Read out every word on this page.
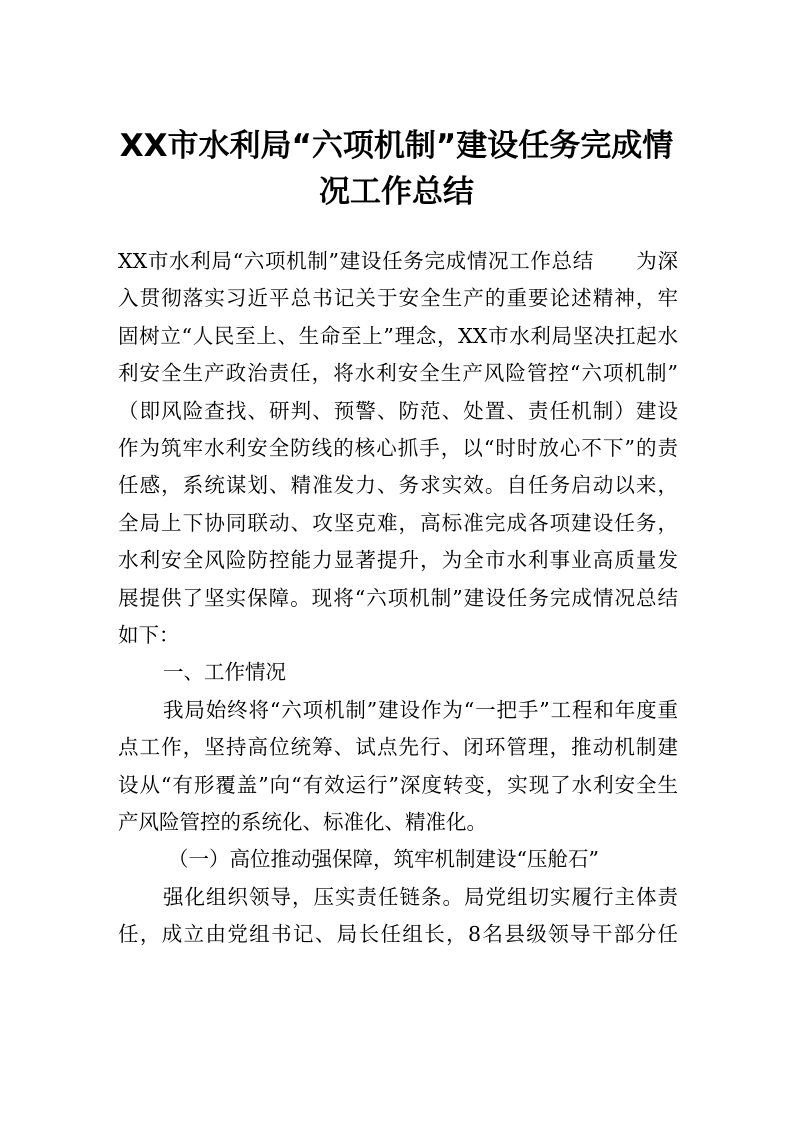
XX市水利局“六项机制”建设任务完成情
况工作总结

XX市水利局“六项机制”建设任务完成情况工作总结　　为深

入贯彻落实习近平总书记关于安全生产的重要论述精神，牢

固树立“人民至上、生命至上”理念，XX市水利局坚决扛起水

利安全生产政治责任，将水利安全生产风险管控“六项机制”

（即风险查找、研判、预警、防范、处置、责任机制）建设

作为筑牢水利安全防线的核心抓手，以“时时放心不下”的责

任感，系统谋划、精准发力、务求实效。自任务启动以来，

全局上下协同联动、攻坚克难，高标准完成各项建设任务，

水利安全风险防控能力显著提升，为全市水利事业高质量发

展提供了坚实保障。现将“六项机制”建设任务完成情况总结

如下：

一、工作情况

我局始终将“六项机制”建设作为“一把手”工程和年度重

点工作，坚持高位统筹、试点先行、闭环管理，推动机制建

设从“有形覆盖”向“有效运行”深度转变，实现了水利安全生

产风险管控的系统化、标准化、精准化。

（一）高位推动强保障，筑牢机制建设“压舱石”

强化组织领导，压实责任链条。局党组切实履行主体责

任，成立由党组书记、局长任组长，8名县级领导干部分任
